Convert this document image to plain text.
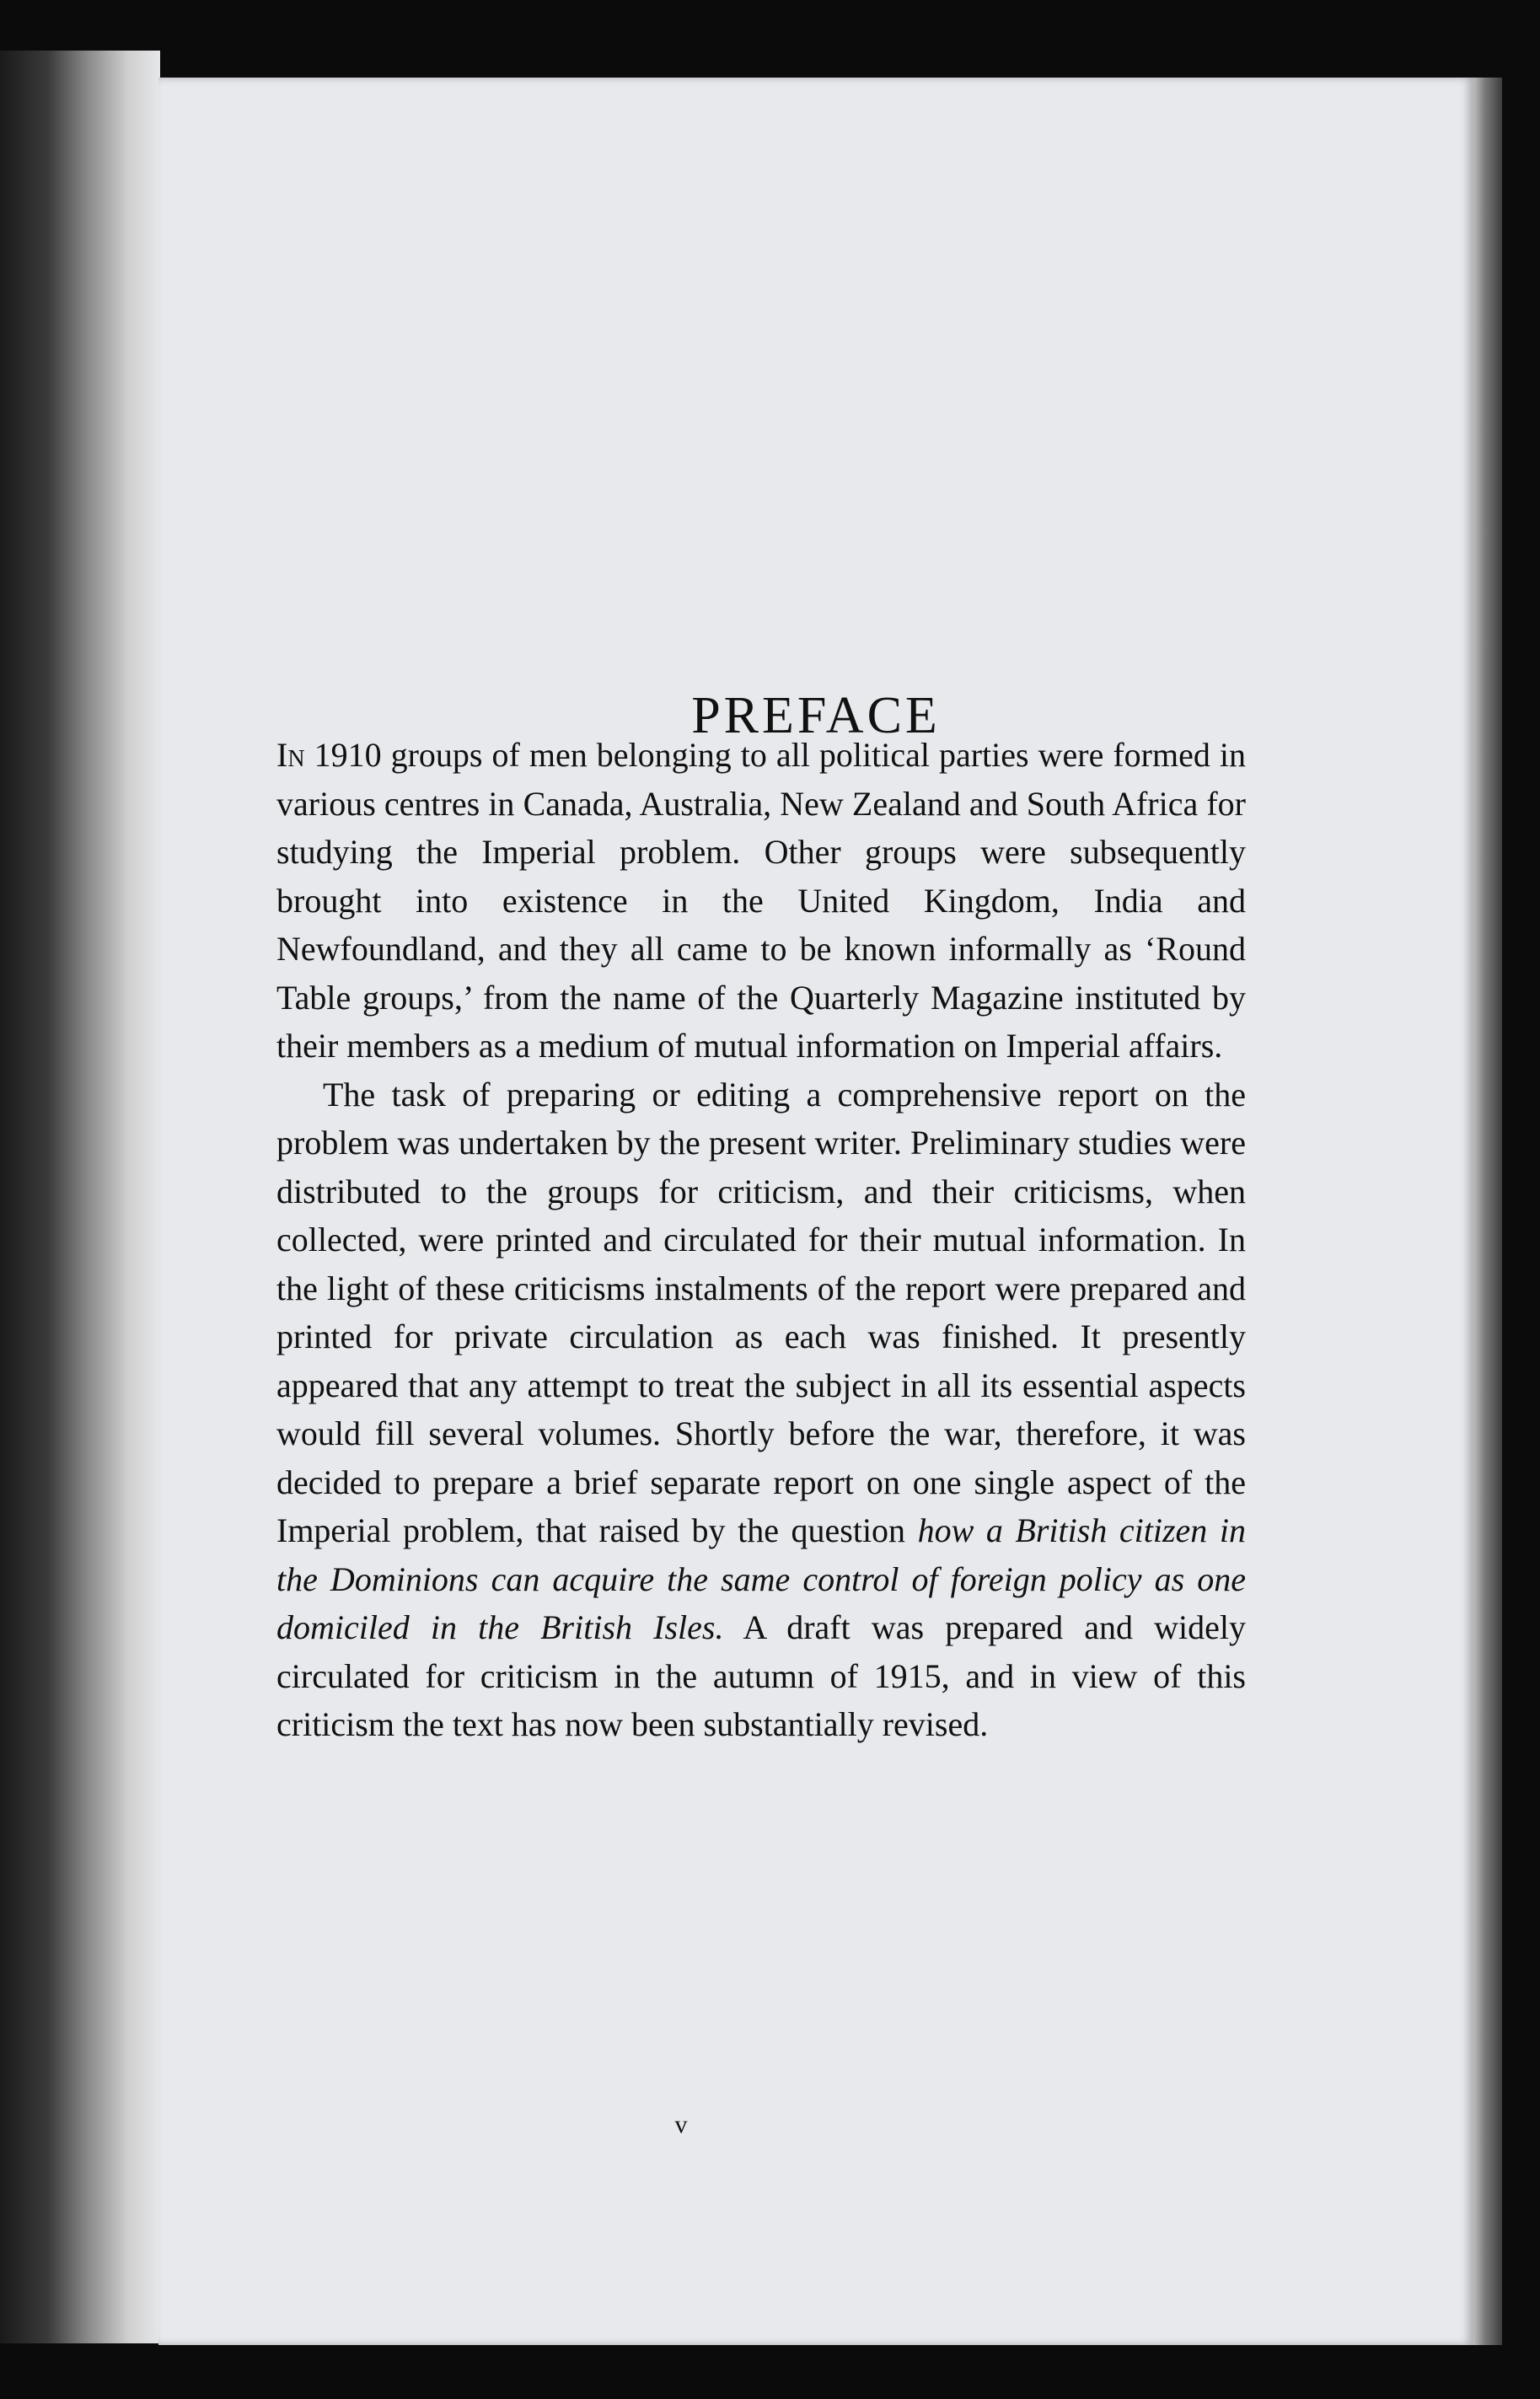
PREFACE

In 1910 groups of men belonging to all political parties were formed in various centres in Canada, Australia, New Zealand and South Africa for studying the Imperial problem. Other groups were subsequently brought into existence in the United Kingdom, India and Newfoundland, and they all came to be known informally as ‘Round Table groups,’ from the name of the Quarterly Magazine instituted by their members as a medium of mutual information on Imperial affairs.

The task of preparing or editing a comprehensive report on the problem was undertaken by the present writer. Preliminary studies were distributed to the groups for criticism, and their criticisms, when collected, were printed and circulated for their mutual information. In the light of these criticisms instalments of the report were prepared and printed for private circulation as each was finished. It presently appeared that any attempt to treat the subject in all its essential aspects would fill several volumes. Shortly before the war, therefore, it was decided to prepare a brief separate report on one single aspect of the Imperial problem, that raised by the question how a British citizen in the Dominions can acquire the same control of foreign policy as one domiciled in the British Isles. A draft was prepared and widely circulated for criticism in the autumn of 1915, and in view of this criticism the text has now been substantially revised.

v
